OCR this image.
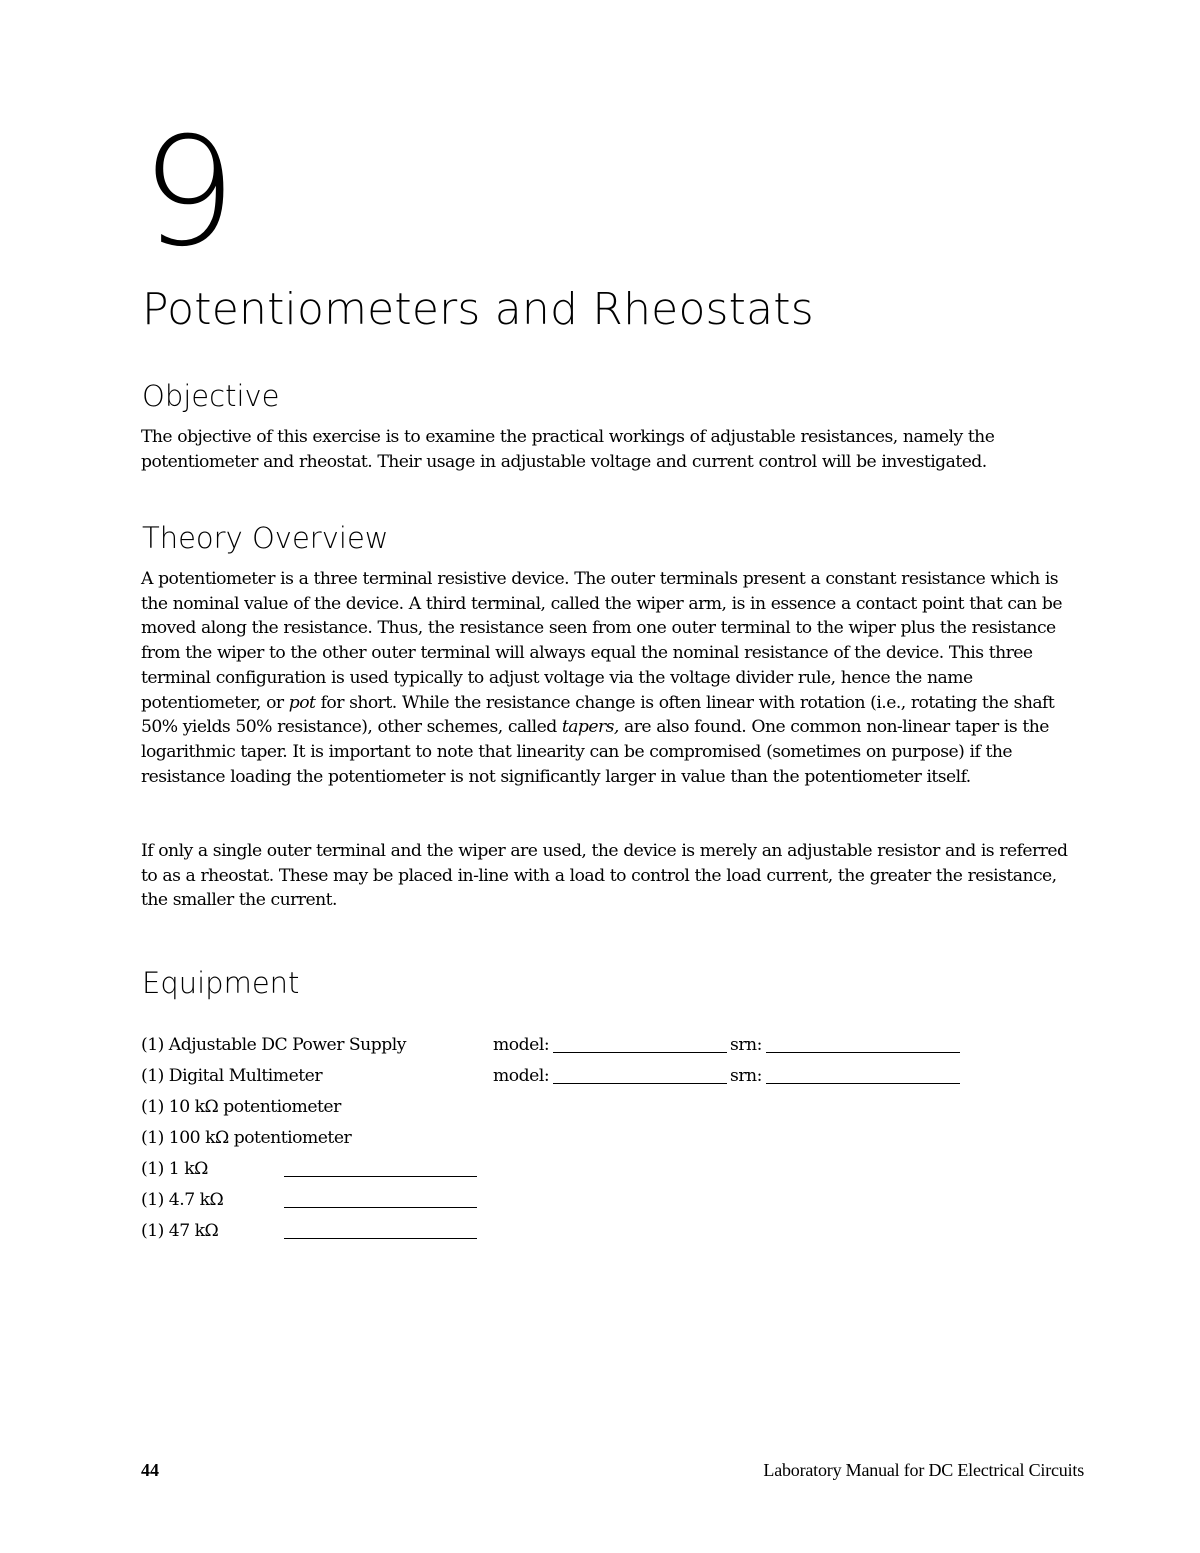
9
Potentiometers and Rheostats
Objective

The objective of this exercise is to examine the practical workings of adjustable resistances, namely the potentiometer and rheostat. Their usage in adjustable voltage and current control will be investigated.

Theory Overview

A potentiometer is a three terminal resistive device. The outer terminals present a constant resistance which is the nominal value of the device. A third terminal, called the wiper arm, is in essence a contact point that can be moved along the resistance. Thus, the resistance seen from one outer terminal to the wiper plus the resistance from the wiper to the other outer terminal will always equal the nominal resistance of the device. This three terminal configuration is used typically to adjust voltage via the voltage divider rule, hence the name potentiometer, or pot for short. While the resistance change is often linear with rotation (i.e., rotating the shaft 50% yields 50% resistance), other schemes, called tapers, are also found. One common non-linear taper is the logarithmic taper. It is important to note that linearity can be compromised (sometimes on purpose) if the resistance loading the potentiometer is not significantly larger in value than the potentiometer itself.

If only a single outer terminal and the wiper are used, the device is merely an adjustable resistor and is referred to as a rheostat. These may be placed in-line with a load to control the load current, the greater the resistance, the smaller the current.

Equipment
(1) Adjustable DC Power Supply	model:	srn:
(1) Digital Multimeter	model:	srn:
(1) 10 kΩ potentiometer
(1) 100 kΩ potentiometer
(1) 1 kΩ
(1) 4.7 kΩ
(1) 47 kΩ
44	Laboratory Manual for DC Electrical Circuits
